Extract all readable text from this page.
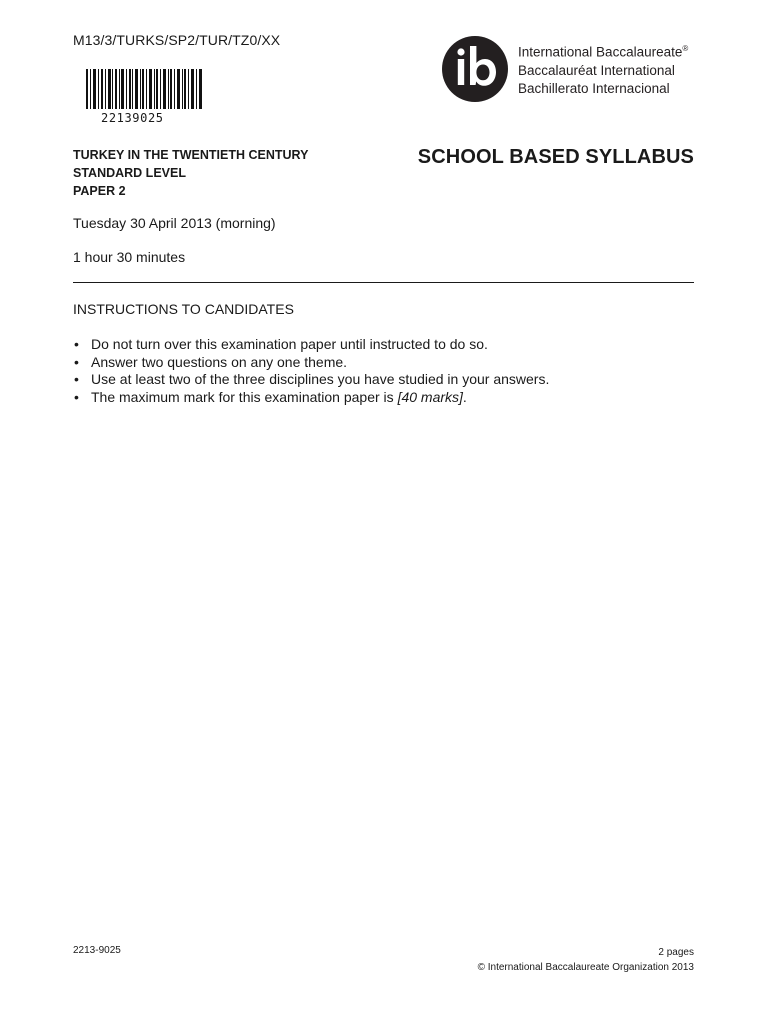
M13/3/TURKS/SP2/TUR/TZ0/XX
22139025
International Baccalaureate®
Baccalauréat International
Bachillerato Internacional
TURKEY IN THE TWENTIETH CENTURY
STANDARD LEVEL
PAPER 2
SCHOOL BASED SYLLABUS
Tuesday 30 April 2013 (morning)
1 hour 30 minutes
INSTRUCTIONS TO CANDIDATES
• Do not turn over this examination paper until instructed to do so.
• Answer two questions on any one theme.
• Use at least two of the three disciplines you have studied in your answers.
• The maximum mark for this examination paper is [40 marks].
2213-9025	2 pages
© International Baccalaureate Organization 2013
